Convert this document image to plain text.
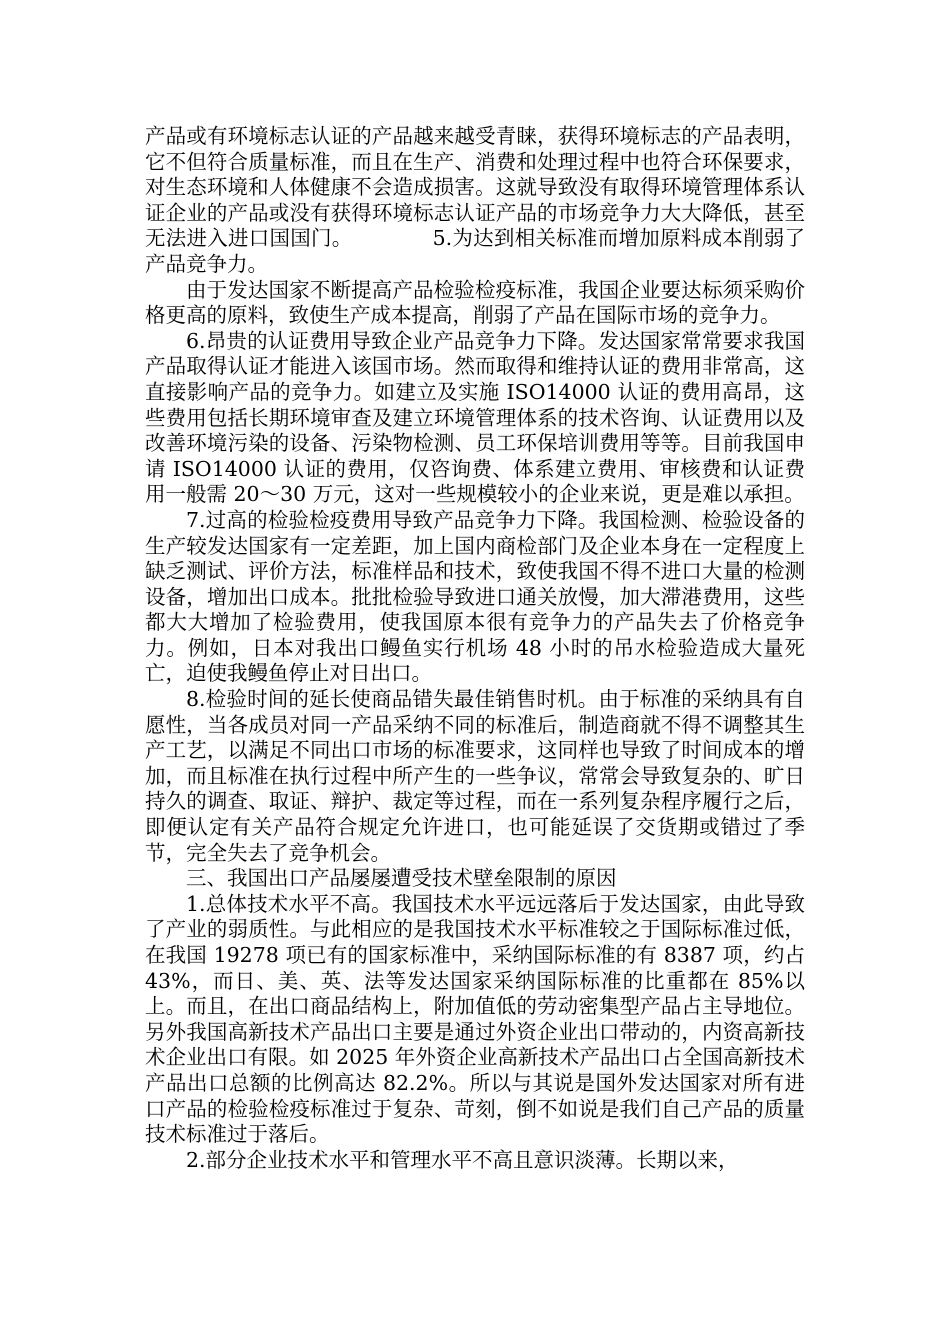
产品或有环境标志认证的产品越来越受青睐，获得环境标志的产品表明，它不但符合质量标准，而且在生产、消费和处理过程中也符合环保要求，对生态环境和人体健康不会造成损害。这就导致没有取得环境管理体系认证企业的产品或没有获得环境标志认证产品的市场竞争力大大降低，甚至无法进入进口国国门。	5.为达到相关标准而增加原料成本削弱了产品竞争力。

由于发达国家不断提高产品检验检疫标准，我国企业要达标须采购价格更高的原料，致使生产成本提高，削弱了产品在国际市场的竞争力。

6.昂贵的认证费用导致企业产品竞争力下降。发达国家常常要求我国产品取得认证才能进入该国市场。然而取得和维持认证的费用非常高，这直接影响产品的竞争力。如建立及实施 ISO14000 认证的费用高昂，这些费用包括长期环境审查及建立环境管理体系的技术咨询、认证费用以及改善环境污染的设备、污染物检测、员工环保培训费用等等。目前我国申请 ISO14000 认证的费用，仅咨询费、体系建立费用、审核费和认证费用一般需 20～30 万元，这对一些规模较小的企业来说，更是难以承担。

7.过高的检验检疫费用导致产品竞争力下降。我国检测、检验设备的生产较发达国家有一定差距，加上国内商检部门及企业本身在一定程度上缺乏测试、评价方法，标准样品和技术，致使我国不得不进口大量的检测设备，增加出口成本。批批检验导致进口通关放慢，加大滞港费用，这些都大大增加了检验费用，使我国原本很有竞争力的产品失去了价格竞争力。例如，日本对我出口鳗鱼实行机场 48 小时的吊水检验造成大量死亡，迫使我鳗鱼停止对日出口。

8.检验时间的延长使商品错失最佳销售时机。由于标准的采纳具有自愿性，当各成员对同一产品采纳不同的标准后，制造商就不得不调整其生产工艺，以满足不同出口市场的标准要求，这同样也导致了时间成本的增加，而且标准在执行过程中所产生的一些争议，常常会导致复杂的、旷日持久的调查、取证、辩护、裁定等过程，而在一系列复杂程序履行之后，即便认定有关产品符合规定允许进口，也可能延误了交货期或错过了季节，完全失去了竞争机会。

三、我国出口产品屡屡遭受技术壁垒限制的原因

1.总体技术水平不高。我国技术水平远远落后于发达国家，由此导致了产业的弱质性。与此相应的是我国技术水平标准较之于国际标准过低，在我国 19278 项已有的国家标准中，采纳国际标准的有 8387 项，约占 43%，而日、美、英、法等发达国家采纳国际标准的比重都在 85%以上。而且，在出口商品结构上，附加值低的劳动密集型产品占主导地位。另外我国高新技术产品出口主要是通过外资企业出口带动的，内资高新技术企业出口有限。如 2025 年外资企业高新技术产品出口占全国高新技术产品出口总额的比例高达 82.2%。所以与其说是国外发达国家对所有进口产品的检验检疫标准过于复杂、苛刻，倒不如说是我们自己产品的质量技术标准过于落后。

2.部分企业技术水平和管理水平不高且意识淡薄。长期以来，
